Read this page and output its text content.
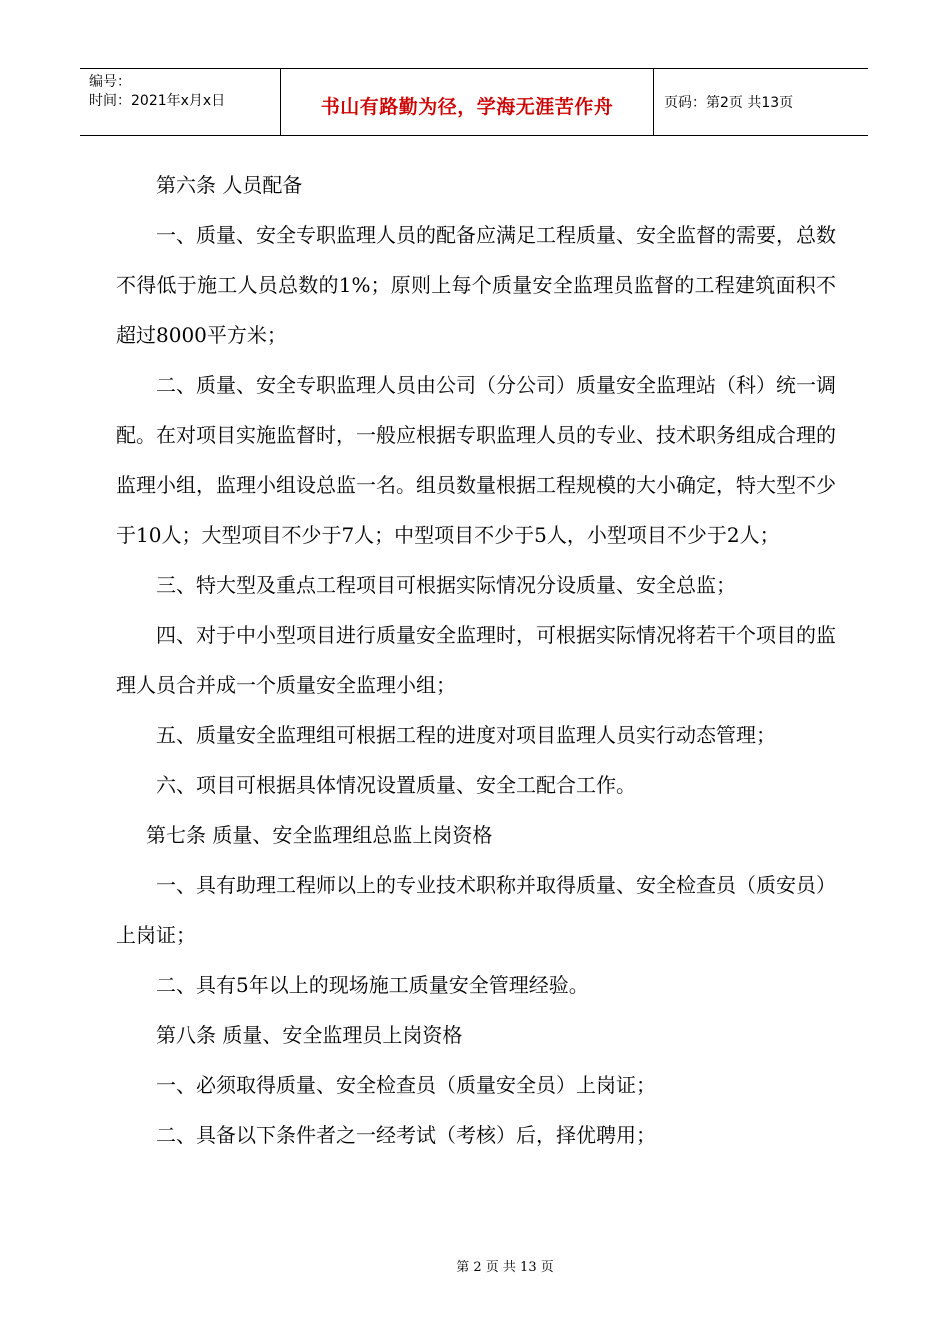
编号：
时间：2021年x月x日	书山有路勤为径，学海无涯苦作舟	页码：第2页 共13页

第六条 人员配备

一、质量、安全专职监理人员的配备应满足工程质量、安全监督的需要，总数不得低于施工人员总数的1%；原则上每个质量安全监理员监督的工程建筑面积不超过8000平方米；

二、质量、安全专职监理人员由公司（分公司）质量安全监理站（科）统一调配。在对项目实施监督时，一般应根据专职监理人员的专业、技术职务组成合理的监理小组，监理小组设总监一名。组员数量根据工程规模的大小确定，特大型不少于10人；大型项目不少于7人；中型项目不少于5人，小型项目不少于2人；

三、特大型及重点工程项目可根据实际情况分设质量、安全总监；

四、对于中小型项目进行质量安全监理时，可根据实际情况将若干个项目的监理人员合并成一个质量安全监理小组；

五、质量安全监理组可根据工程的进度对项目监理人员实行动态管理；

六、项目可根据具体情况设置质量、安全工配合工作。

第七条 质量、安全监理组总监上岗资格

一、具有助理工程师以上的专业技术职称并取得质量、安全检查员（质安员）上岗证；

二、具有5年以上的现场施工质量安全管理经验。

第八条 质量、安全监理员上岗资格

一、必须取得质量、安全检查员（质量安全员）上岗证；

二、具备以下条件者之一经考试（考核）后，择优聘用；

第 2 页 共 13 页
